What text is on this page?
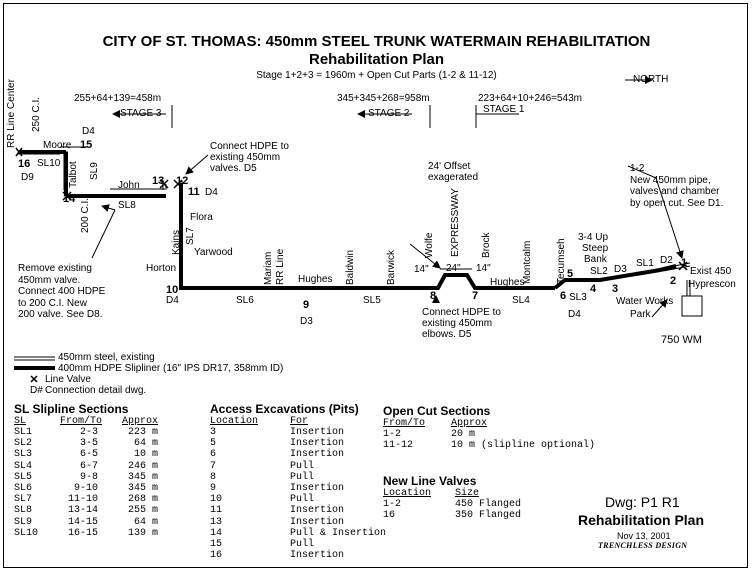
CITY OF ST. THOMAS: 450mm STEEL TRUNK WATERMAIN REHABILITATION
Rehabilitation Plan
Stage 1+2+3 = 1960m + Open Cut Parts (1-2 & 11-12)	NORTH
255+64+139=458m
STAGE 3
345+345+268=958m
STAGE 2
223+64+10+246=543m
STAGE 1
RR Line Center 250 C.I.
SL9
Talbot
200 C.I.
Kains SL7
Mariam RR Line	Baldwin	Barwick
Wolfe EXPRESSWAY Brock	Montcalm Tecumseh
Moore
D4
15
16 SL10
D9
14
John
SL8
13 12
11 D4
Flora
Yarwood
Horton
10
D4	SL6
Hughes
9
D3
SL5	8
14" 24" 14"
Hughes
7	SL4	6 SL3
D4
5 SL2
4
D3
3
SL1 D2 1
2
Exist 450
Hyprescon
Water Works
Park
750 WM
3-4 Up
Steep
Bank
24' Offset
exagerated
Connect HDPE to
existing 450mm
valves. D5	1-2
New 450mm pipe,
valves and chamber
by open cut. See D1.
Remove existing
450mm valve.
Connect 400 HDPE
to 200 C.I. New
200 valve. See D8.	Connect HDPE to
existing 450mm
elbows. D5
450mm steel, existing
400mm HDPE Slipliner (16" IPS DR17, 358mm ID)
Line Valve
D# Connection detail dwg.
SL Slipline Sections
SL	From/To	Approx
SL1	2-3	223 m
SL2	3-5	64 m
SL3	6-5	10 m
SL4	6-7	246 m
SL5	9-8	345 m
SL6	9-10	345 m
SL7	11-10	268 m
SL8	13-14	255 m
SL9	14-15	64 m
SL10	16-15	139 m
Access Excavations (Pits)
Location	For
3	Insertion
5	Insertion
6	Insertion
7	Pull
8	Pull
9	Insertion
10	Pull
11	Insertion
13	Insertion
14	Pull & Insertion
15	Pull
16	Insertion
Open Cut Sections
From/To	Approx
1-2	20 m
11-12	10 m (slipline optional)
New Line Valves
Location	Size
1-2	450 Flanged
16	350 Flanged
Dwg: P1 R1
Rehabilitation Plan
Nov 13, 2001
TRENCHLESS DESIGN
